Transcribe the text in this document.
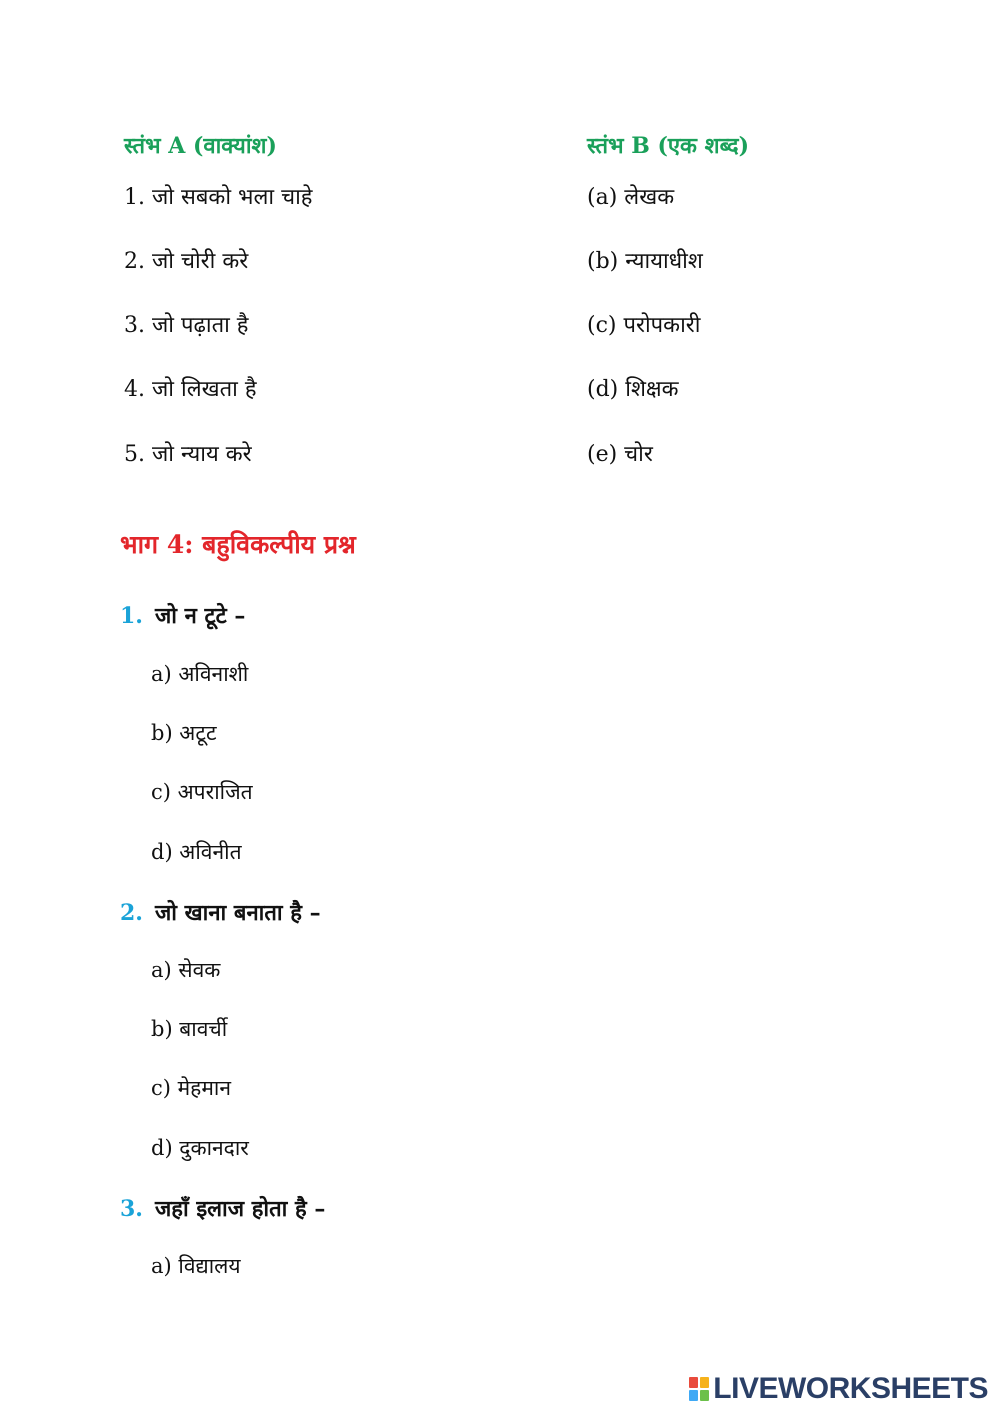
स्तंभ A (वाक्यांश)	स्तंभ B (एक शब्द)
1. जो सबको भला चाहे
2. जो चोरी करे
3. जो पढ़ाता है
4. जो लिखता है
5. जो न्याय करे
(a) लेखक
(b) न्यायाधीश
(c) परोपकारी
(d) शिक्षक
(e) चोर
भाग 4: बहुविकल्पीय प्रश्न
1. जो न टूटे –
a) अविनाशी
b) अटूट
c) अपराजित
d) अविनीत
2. जो खाना बनाता है –
a) सेवक
b) बावर्ची
c) मेहमान
d) दुकानदार
3. जहाँ इलाज होता है –
a) विद्यालय
LIVEWORKSHEETS
